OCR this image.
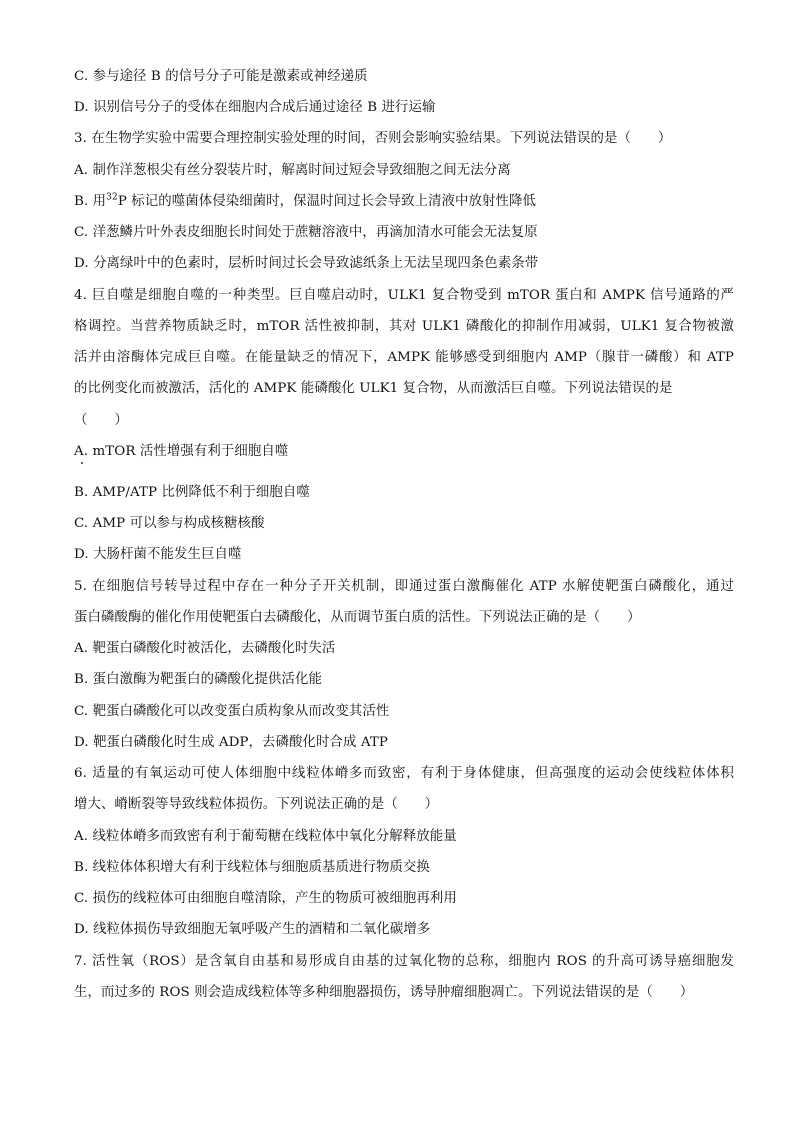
C. 参与途径 B 的信号分子可能是激素或神经递质
D. 识别信号分子的受体在细胞内合成后通过途径 B 进行运输
3. 在生物学实验中需要合理控制实验处理的时间，否则会影响实验结果。下列说法错误的是（　　）
A. 制作洋葱根尖有丝分裂装片时，解离时间过短会导致细胞之间无法分离
B. 用$^{32}$P 标记的噬菌体侵染细菌时，保温时间过长会导致上清液中放射性降低
C. 洋葱鳞片叶外表皮细胞长时间处于蔗糖溶液中，再滴加清水可能会无法复原
D. 分离绿叶中的色素时，层析时间过长会导致滤纸条上无法呈现四条色素条带
4. 巨自噬是细胞自噬的一种类型。巨自噬启动时，ULK1 复合物受到 mTOR 蛋白和 AMPK 信号通路的严
格调控。当营养物质缺乏时，mTOR 活性被抑制，其对 ULK1 磷酸化的抑制作用减弱，ULK1 复合物被激
活并由溶酶体完成巨自噬。在能量缺乏的情况下，AMPK 能够感受到细胞内 AMP（腺苷一磷酸）和 ATP
的比例变化而被激活，活化的 AMPK 能磷酸化 ULK1 复合物，从而激活巨自噬。下列说法错误的是
（　　）
A. mTOR 活性增强有利于细胞自噬
B. AMP/ATP 比例降低不利于细胞自噬
C. AMP 可以参与构成核糖核酸
D. 大肠杆菌不能发生巨自噬
5. 在细胞信号转导过程中存在一种分子开关机制，即通过蛋白激酶催化 ATP 水解使靶蛋白磷酸化，通过
蛋白磷酸酶的催化作用使靶蛋白去磷酸化，从而调节蛋白质的活性。下列说法正确的是（　　）
A. 靶蛋白磷酸化时被活化，去磷酸化时失活
B. 蛋白激酶为靶蛋白的磷酸化提供活化能
C. 靶蛋白磷酸化可以改变蛋白质构象从而改变其活性
D. 靶蛋白磷酸化时生成 ADP，去磷酸化时合成 ATP
6. 适量的有氧运动可使人体细胞中线粒体嵴多而致密，有利于身体健康，但高强度的运动会使线粒体体积
增大、嵴断裂等导致线粒体损伤。下列说法正确的是（　　）
A. 线粒体嵴多而致密有利于葡萄糖在线粒体中氧化分解释放能量
B. 线粒体体积增大有利于线粒体与细胞质基质进行物质交换
C. 损伤的线粒体可由细胞自噬清除，产生的物质可被细胞再利用
D. 线粒体损伤导致细胞无氧呼吸产生的酒精和二氧化碳增多
7. 活性氧（ROS）是含氧自由基和易形成自由基的过氧化物的总称，细胞内 ROS 的升高可诱导癌细胞发
生，而过多的 ROS 则会造成线粒体等多种细胞器损伤，诱导肿瘤细胞凋亡。下列说法错误的是（　　）
